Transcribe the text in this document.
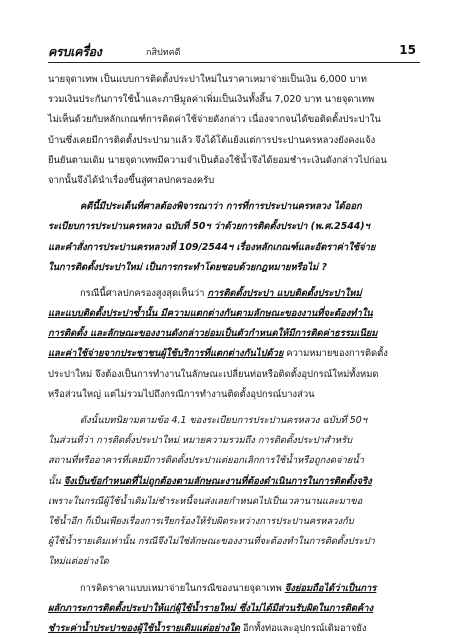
ครบเครื่อง	กสิปทคดี	15
นายจุดาเทพ เป็นแบบการติดตั้งประปาใหม่ในราคาเหมาจ่ายเป็นเงิน 6,000 บาท
รวมเงินประกันการใช้น้ำและภาษีมูลค่าเพิ่มเป็นเงินทั้งสิ้น 7,020 บาท นายจุดาเทพ
ไม่เห็นด้วยกับหลักเกณฑ์การคิดค่าใช้จ่ายดังกล่าว เนื่องจากจนได้ขอติดตั้งประปาใน
บ้านซึ่งเคยมีการติดตั้งประปามาแล้ว จึงได้โต้แย้งแต่การประปานครหลวงยังคงแจ้ง
ยืนยันตามเดิม นายจุดาเทพมีความจำเป็นต้องใช้น้ำจึงได้ยอมชำระเงินดังกล่าวไปก่อน
จากนั้นจึงได้นำเรื่องขึ้นสู่ศาลปกครองครับ
คดีนี้มีประเด็นที่ศาลต้องพิจารณาว่า การที่การประปานครหลวง ได้ออก
ระเบียบการประปานครหลวง ฉบับที่ 50ฯ ว่าด้วยการติดตั้งประปา (พ.ศ.2544)ฯ
และคำสั่งการประปานครหลวงที่ 109/2544ฯ เรื่องหลักเกณฑ์และอัตราค่าใช้จ่าย
ในการติดตั้งประปาใหม่ เป็นการกระทำโดยชอบด้วยกฎหมายหรือไม่ ?
กรณีนี้ศาลปกครองสูงสุดเห็นว่า การติดตั้งประปา แบบติดตั้งประปาใหม่
และแบบติดตั้งประปาซ้ำนั้น มีความแตกต่างกันตามลักษณะของงานที่จะต้องทำใน
การติดตั้ง และลักษณะของงานดังกล่าวย่อมเป็นตัวกำหนดให้มีการติดค่าธรรมเนียม
และค่าใช้จ่ายจากประชาชนผู้ใช้บริการที่แตกต่างกันไปด้วย ความหมายของการติดตั้ง
ประปาใหม่ จึงต้องเป็นการทำงานในลักษณะเปลี่ยนท่อหรือติดตั้งอุปกรณ์ใหม่ทั้งหมด
หรือส่วนใหญ่ แต่ไม่รวมไปถึงกรณีการทำงานติดตั้งอุปกรณ์บางส่วน
ดังนั้นบทนิยามตามข้อ 4.1 ของระเบียบการประปานครหลวง ฉบับที่ 50ฯ
ในส่วนที่ว่า การติดตั้งประปาใหม่ หมายความรวมถึง การติดตั้งประปาสำหรับ
สถานที่หรืออาคารที่เคยมีการติดตั้งประปาแต่ยอกเลิกการใช้น้ำหรือถูกงดจ่ายน้ำ
นั้น จึงเป็นข้อกำหนดที่ไม่ถูกต้องตามลักษณะงานที่ต้องดำเนินการในการติดตั้งจริง
เพราะในกรณีผู้ใช้น้ำเดิมไม่ชำระหนี้จนส่งเลยกำหนดไปเป็นเวลานานและมาขอ
ใช้น้ำอีก ก็เป็นเพียงเรื่องการเรียกร้องให้รับผิดระหว่างการประปานครหลวงกับ
ผู้ใช้น้ำรายเดิมเท่านั้น กรณีจึงไม่ใช่ลักษณะของงานที่จะต้องทำในการติดตั้งประปา
ใหม่แต่อย่างใด
การคิดราคาแบบเหมาจ่ายในกรณีของนายจุดาเทพ จึงย่อมถือได้ว่าเป็นการ
ผลักภาระการติดตั้งประปาให้แก่ผู้ใช้น้ำรายใหม่ ซึ่งไม่ได้มีส่วนรับผิดในการติดค้าง
ชำระค่าน้ำประปาของผู้ใช้น้ำรายเดิมแต่อย่างใด อีกทั้งท่อและอุปกรณ์เดิมอาจยัง
